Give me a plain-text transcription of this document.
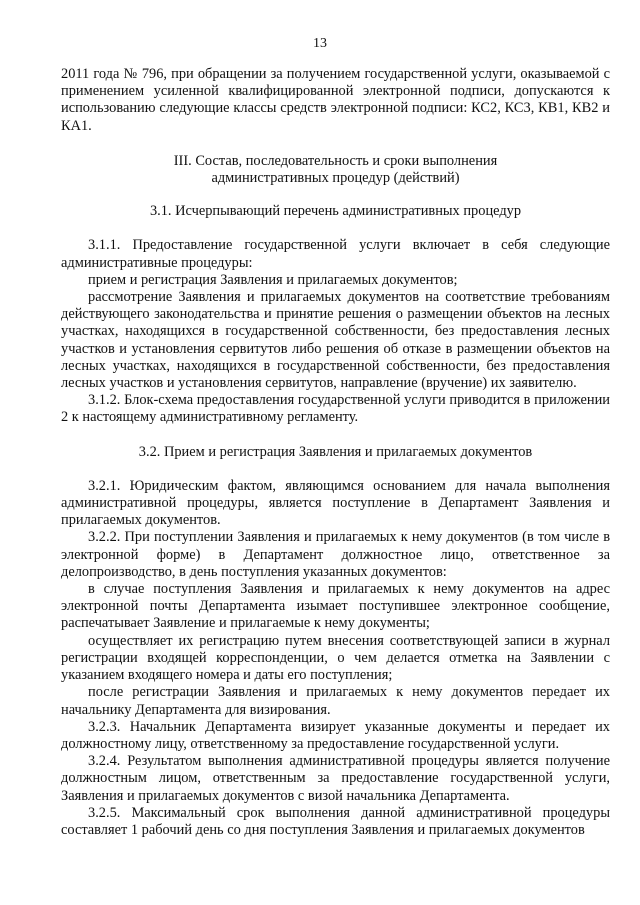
13

2011 года № 796, при обращении за получением государственной услуги, оказываемой с применением усиленной квалифицированной электронной подписи, допускаются к использованию следующие классы средств электронной подписи: КС2, КС3, КВ1, КВ2 и КА1.

III. Состав, последовательность и сроки выполнения

административных процедур (действий)

3.1. Исчерпывающий перечень административных процедур

3.1.1. Предоставление государственной услуги включает в себя следующие административные процедуры:

прием и регистрация Заявления и прилагаемых документов;

рассмотрение Заявления и прилагаемых документов на соответствие требованиям действующего законодательства и принятие решения о размещении объектов на лесных участках, находящихся в государственной собственности, без предоставления лесных участков и установления сервитутов либо решения об отказе в размещении объектов на лесных участках, находящихся в государственной собственности, без предоставления лесных участков и установления сервитутов, направление (вручение) их заявителю.

3.1.2. Блок-схема предоставления государственной услуги приводится в приложении 2 к настоящему административному регламенту.

3.2. Прием и регистрация Заявления и прилагаемых документов

3.2.1. Юридическим фактом, являющимся основанием для начала выполнения административной процедуры, является поступление в Департамент Заявления и прилагаемых документов.

3.2.2. При поступлении Заявления и прилагаемых к нему документов (в том числе в электронной форме) в Департамент должностное лицо, ответственное за делопроизводство, в день поступления указанных документов:

в случае поступления Заявления и прилагаемых к нему документов на адрес электронной почты Департамента изымает поступившее электронное сообщение, распечатывает Заявление и прилагаемые к нему документы;

осуществляет их регистрацию путем внесения соответствующей записи в журнал регистрации входящей корреспонденции, о чем делается отметка на Заявлении с указанием входящего номера и даты его поступления;

после регистрации Заявления и прилагаемых к нему документов передает их начальнику Департамента для визирования.

3.2.3. Начальник Департамента визирует указанные документы и передает их должностному лицу, ответственному за предоставление государственной услуги.

3.2.4. Результатом выполнения административной процедуры является получение должностным лицом, ответственным за предоставление государственной услуги, Заявления и прилагаемых документов с визой начальника Департамента.

3.2.5. Максимальный срок выполнения данной административной процедуры составляет 1 рабочий день со дня поступления Заявления и прилагаемых документов
